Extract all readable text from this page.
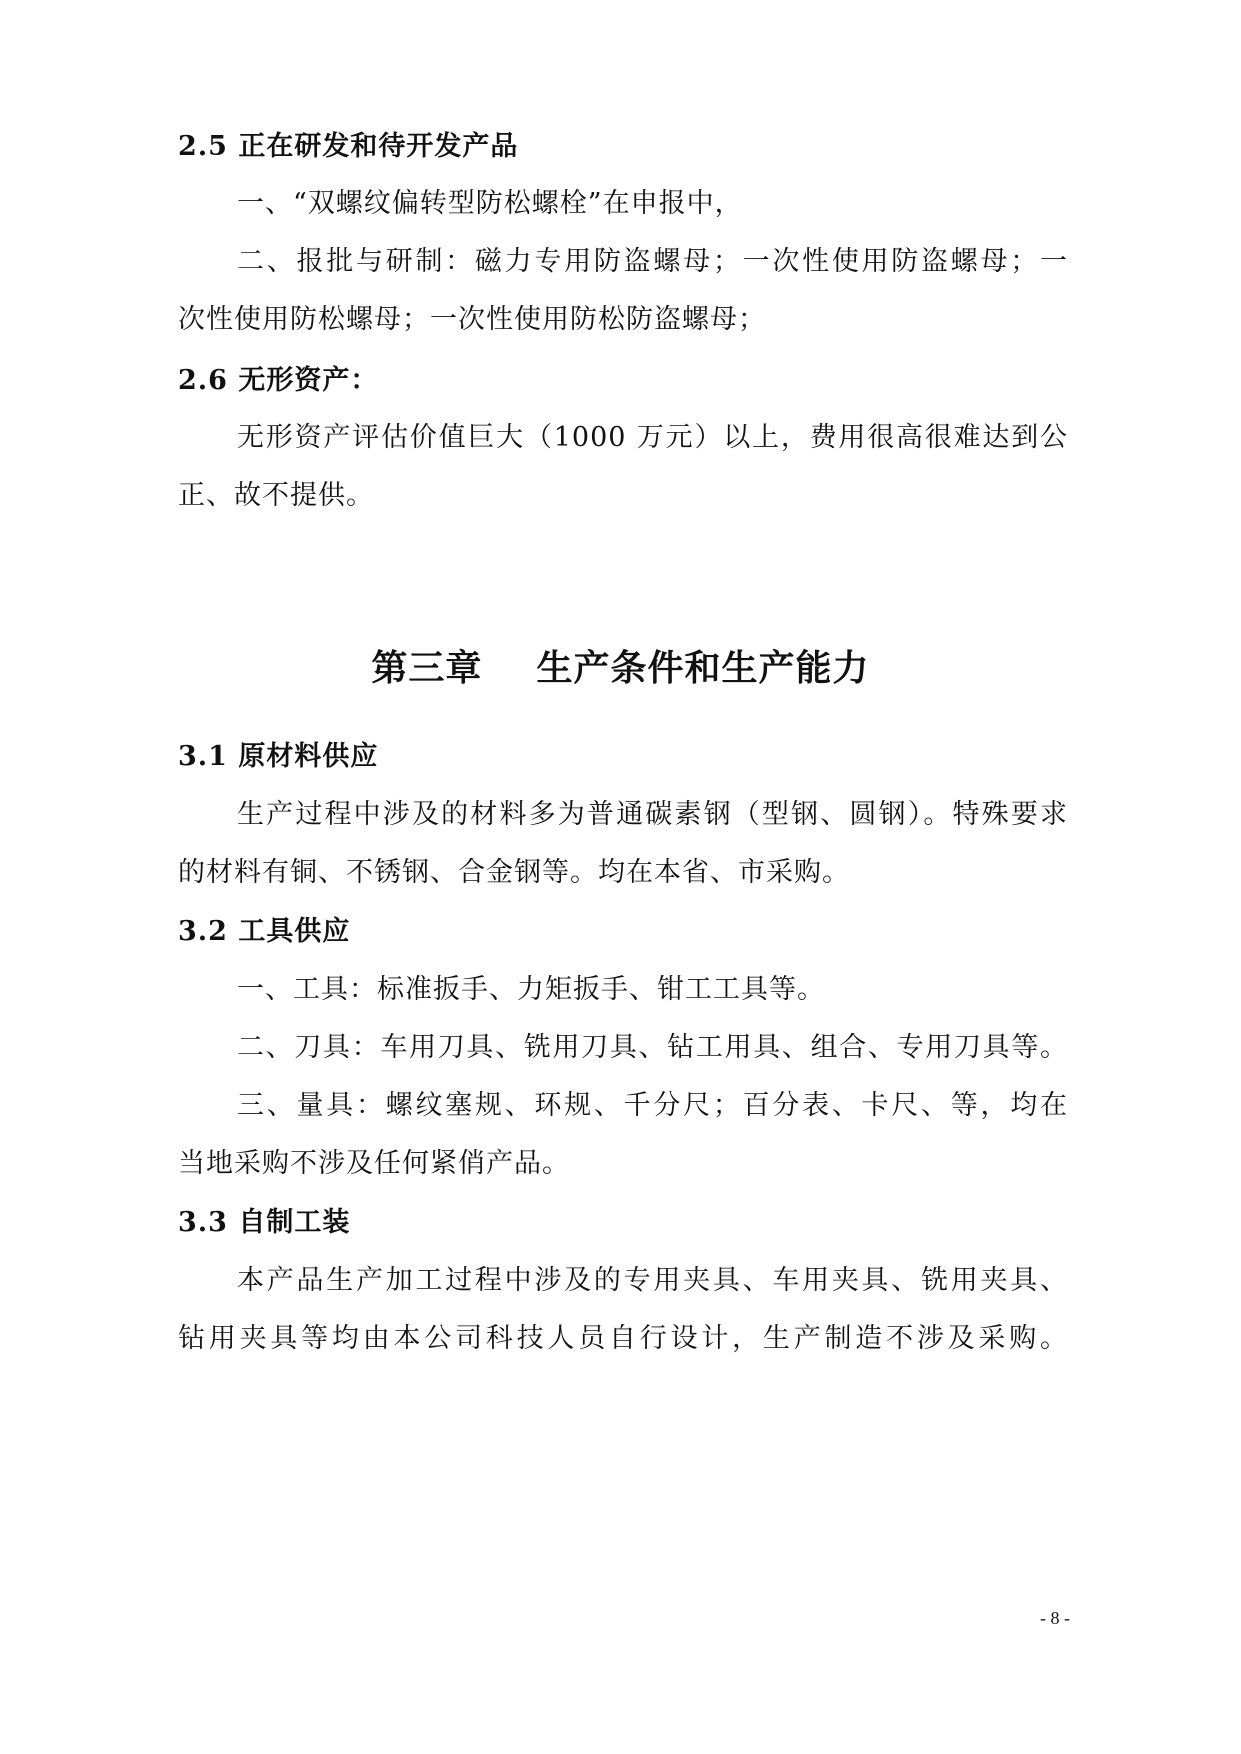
2.5 正在研发和待开发产品
一、“双螺纹偏转型防松螺栓”在申报中，
二、报批与研制：磁力专用防盗螺母；一次性使用防盗螺母；一
次性使用防松螺母；一次性使用防松防盗螺母；
2.6 无形资产：
无形资产评估价值巨大（1000 万元）以上，费用很高很难达到公
正、故不提供。
第三章    生产条件和生产能力
3.1 原材料供应
生产过程中涉及的材料多为普通碳素钢（型钢、圆钢）。特殊要求
的材料有铜、不锈钢、合金钢等。均在本省、市采购。
3.2 工具供应
一、工具：标准扳手、力矩扳手、钳工工具等。
二、刀具：车用刀具、铣用刀具、钻工用具、组合、专用刀具等。
三、量具：螺纹塞规、环规、千分尺；百分表、卡尺、等，均在
当地采购不涉及任何紧俏产品。
3.3 自制工装
本产品生产加工过程中涉及的专用夹具、车用夹具、铣用夹具、
钻用夹具等均由本公司科技人员自行设计，生产制造不涉及采购。
- 8 -
